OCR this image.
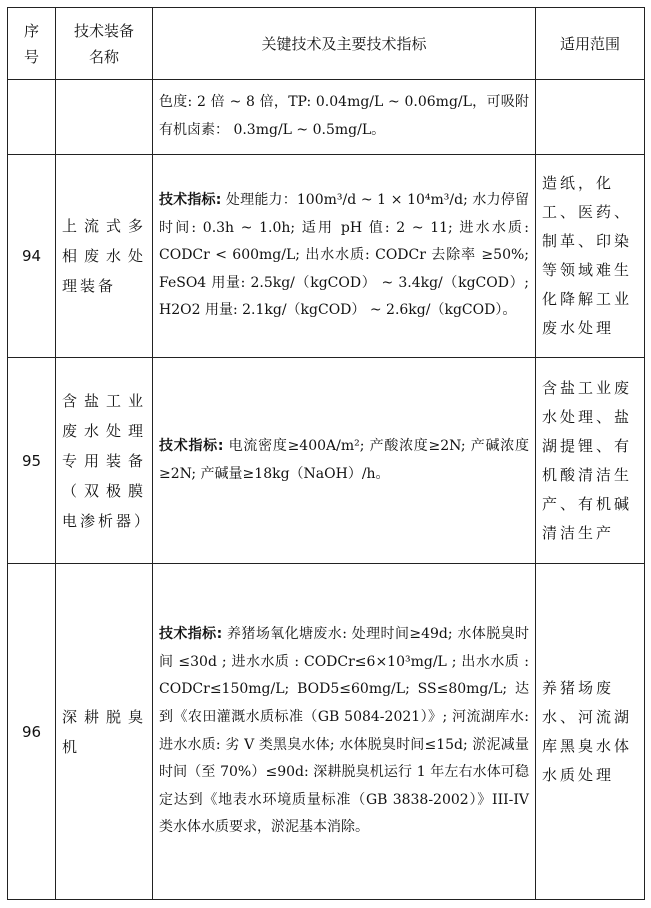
序号	技术装备名称	关键技术及主要技术指标	适用范围
		色度: 2 倍 ~ 8 倍，TP: 0.04mg/L ~ 0.06mg/L，可吸附有机卤素： 0.3mg/L ~ 0.5mg/L。	
94	上流式多相废水处理装备	技术指标: 处理能力：100m³/d ~ 1 × 10⁴m³/d; 水力停留时间: 0.3h ~ 1.0h; 适用 pH 值: 2 ~ 11; 进水水质: CODCr < 600mg/L; 出水水质: CODCr 去除率 ≥50%; FeSO4 用量: 2.5kg/（kgCOD） ~ 3.4kg/（kgCOD）; H2O2 用量: 2.1kg/（kgCOD） ~ 2.6kg/（kgCOD）。	造纸，化工、医药、制革、印染等领域难生化降解工业废水处理
95	含盐工业废水处理专用装备（双极膜电渗析器）	技术指标: 电流密度≥400A/m²; 产酸浓度≥2N; 产碱浓度≥2N; 产碱量≥18kg（NaOH）/h。	含盐工业废水处理、盐湖提锂、有机酸清洁生产、有机碱清洁生产
96	深耕脱臭机	技术指标: 养猪场氧化塘废水: 处理时间≥49d; 水体脱臭时间 ≤30d ; 进水水质 : CODCr≤6×10³mg/L ; 出水水质 : CODCr≤150mg/L; BOD5≤60mg/L; SS≤80mg/L; 达到《农田灌溉水质标准（GB 5084-2021）》; 河流湖库水: 进水水质: 劣 V 类黑臭水体; 水体脱臭时间≤15d; 淤泥减量时间（至 70%）≤90d: 深耕脱臭机运行 1 年左右水体可稳定达到《地表水环境质量标准（GB 3838-2002）》III-IV 类水体水质要求，淤泥基本消除。	养猪场废水、河流湖库黑臭水体水质处理
